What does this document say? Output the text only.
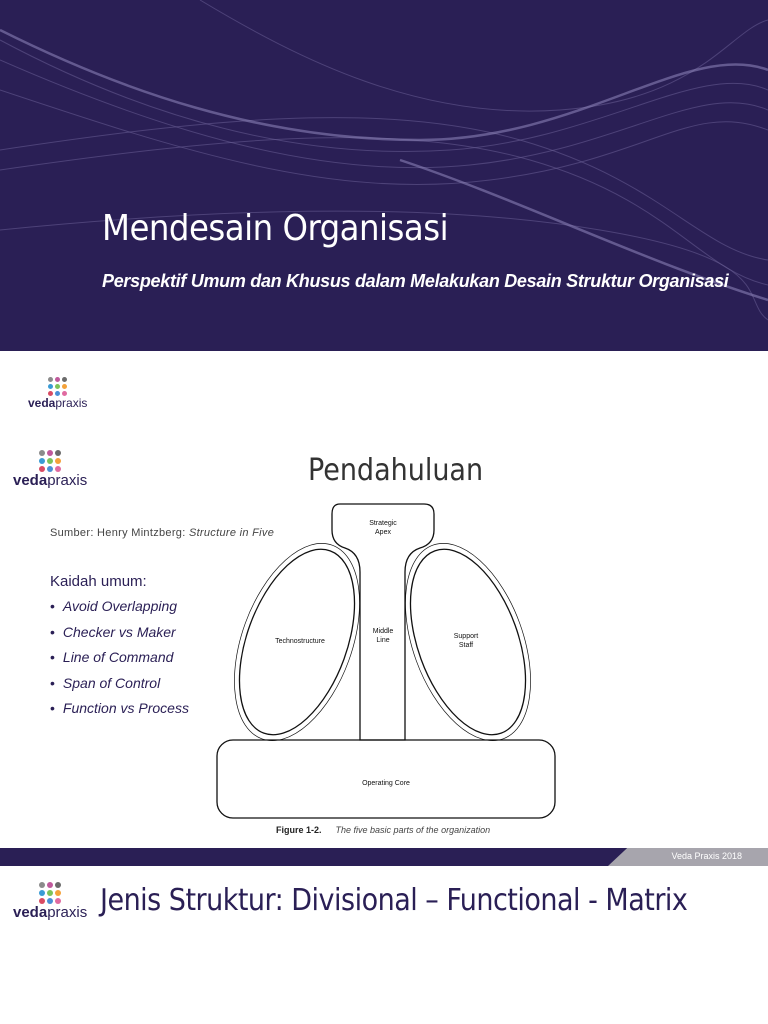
Mendesain Organisasi
Perspektif Umum dan Khusus dalam Melakukan Desain Struktur Organisasi
vedapraxis
vedapraxis	Pendahuluan
Sumber: Henry Mintzberg: Structure in Five
Kaidah umum:
• Avoid Overlapping
• Checker vs Maker
• Line of Command
• Span of Control
• Function vs Process
Strategic
Apex
Technostructure
Middle
Line
Support
Staff
Operating Core
Figure 1-2. The five basic parts of the organization
Veda Praxis 2018
vedapraxis Jenis Struktur: Divisional – Functional - Matrix
